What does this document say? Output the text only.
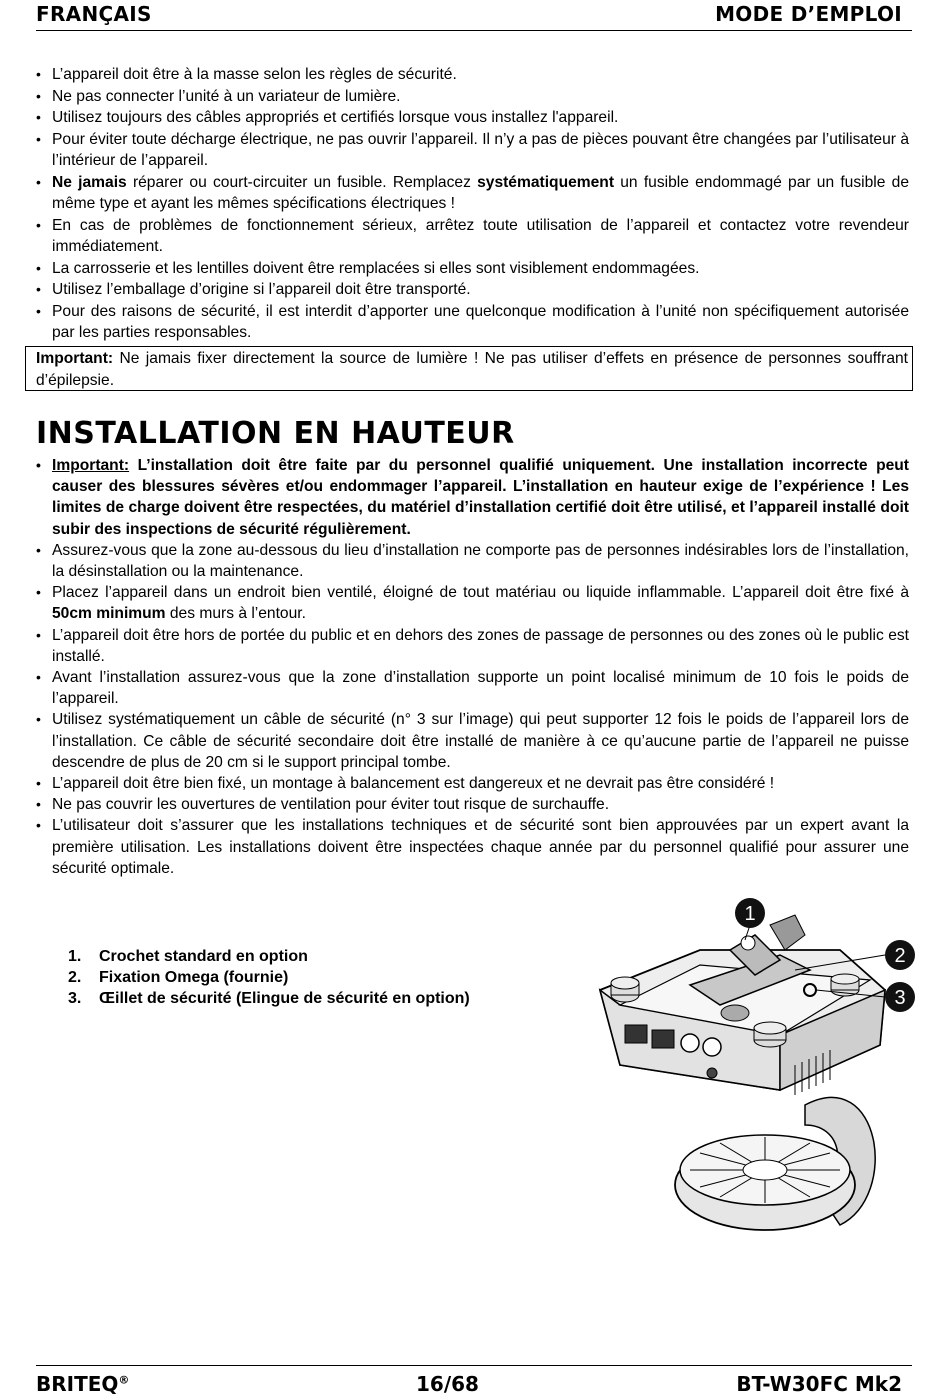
FRANÇAIS	MODE D’EMPLOI
• L’appareil doit être à la masse selon les règles de sécurité.
• Ne pas connecter l’unité à un variateur de lumière.
• Utilisez toujours des câbles appropriés et certifiés lorsque vous installez l'appareil.
• Pour éviter toute décharge électrique, ne pas ouvrir l’appareil. Il n’y a pas de pièces pouvant être changées par l’utilisateur à l’intérieur de l’appareil.
• Ne jamais réparer ou court-circuiter un fusible. Remplacez systématiquement un fusible endommagé par un fusible de même type et ayant les mêmes spécifications électriques !
• En cas de problèmes de fonctionnement sérieux, arrêtez toute utilisation de l’appareil et contactez votre revendeur immédiatement.
• La carrosserie et les lentilles doivent être remplacées si elles sont visiblement endommagées.
• Utilisez l’emballage d’origine si l’appareil doit être transporté.
• Pour des raisons de sécurité, il est interdit d’apporter une quelconque modification à l’unité non spécifiquement autorisée par les parties responsables.
Important: Ne jamais fixer directement la source de lumière ! Ne pas utiliser d’effets en présence de personnes souffrant d’épilepsie.
INSTALLATION EN HAUTEUR
• Important: L’installation doit être faite par du personnel qualifié uniquement. Une installation incorrecte peut causer des blessures sévères et/ou endommager l’appareil. L’installation en hauteur exige de l’expérience ! Les limites de charge doivent être respectées, du matériel d’installation certifié doit être utilisé, et l’appareil installé doit subir des inspections de sécurité régulièrement.
• Assurez-vous que la zone au-dessous du lieu d’installation ne comporte pas de personnes indésirables lors de l’installation, la désinstallation ou la maintenance.
• Placez l’appareil dans un endroit bien ventilé, éloigné de tout matériau ou liquide inflammable. L’appareil doit être fixé à 50cm minimum des murs à l’entour.
• L’appareil doit être hors de portée du public et en dehors des zones de passage de personnes ou des zones où le public est installé.
• Avant l’installation assurez-vous que la zone d’installation supporte un point localisé minimum de 10 fois le poids de l’appareil.
• Utilisez systématiquement un câble de sécurité (n° 3 sur l’image) qui peut supporter 12 fois le poids de l’appareil lors de l’installation. Ce câble de sécurité secondaire doit être installé de manière à ce qu’aucune partie de l’appareil ne puisse descendre de plus de 20 cm si le support principal tombe.
• L’appareil doit être bien fixé, un montage à balancement est dangereux et ne devrait pas être considéré !
• Ne pas couvrir les ouvertures de ventilation pour éviter tout risque de surchauffe.
• L’utilisateur doit s’assurer que les installations techniques et de sécurité sont bien approuvées par un expert avant la première utilisation. Les installations doivent être inspectées chaque année par du personnel qualifié pour assurer une sécurité optimale.
1. Crochet standard en option
2. Fixation Omega (fournie)
3. Œillet de sécurité (Elingue de sécurité en option)
1
2
3
BRITEQ®	16/68	BT-W30FC Mk2
